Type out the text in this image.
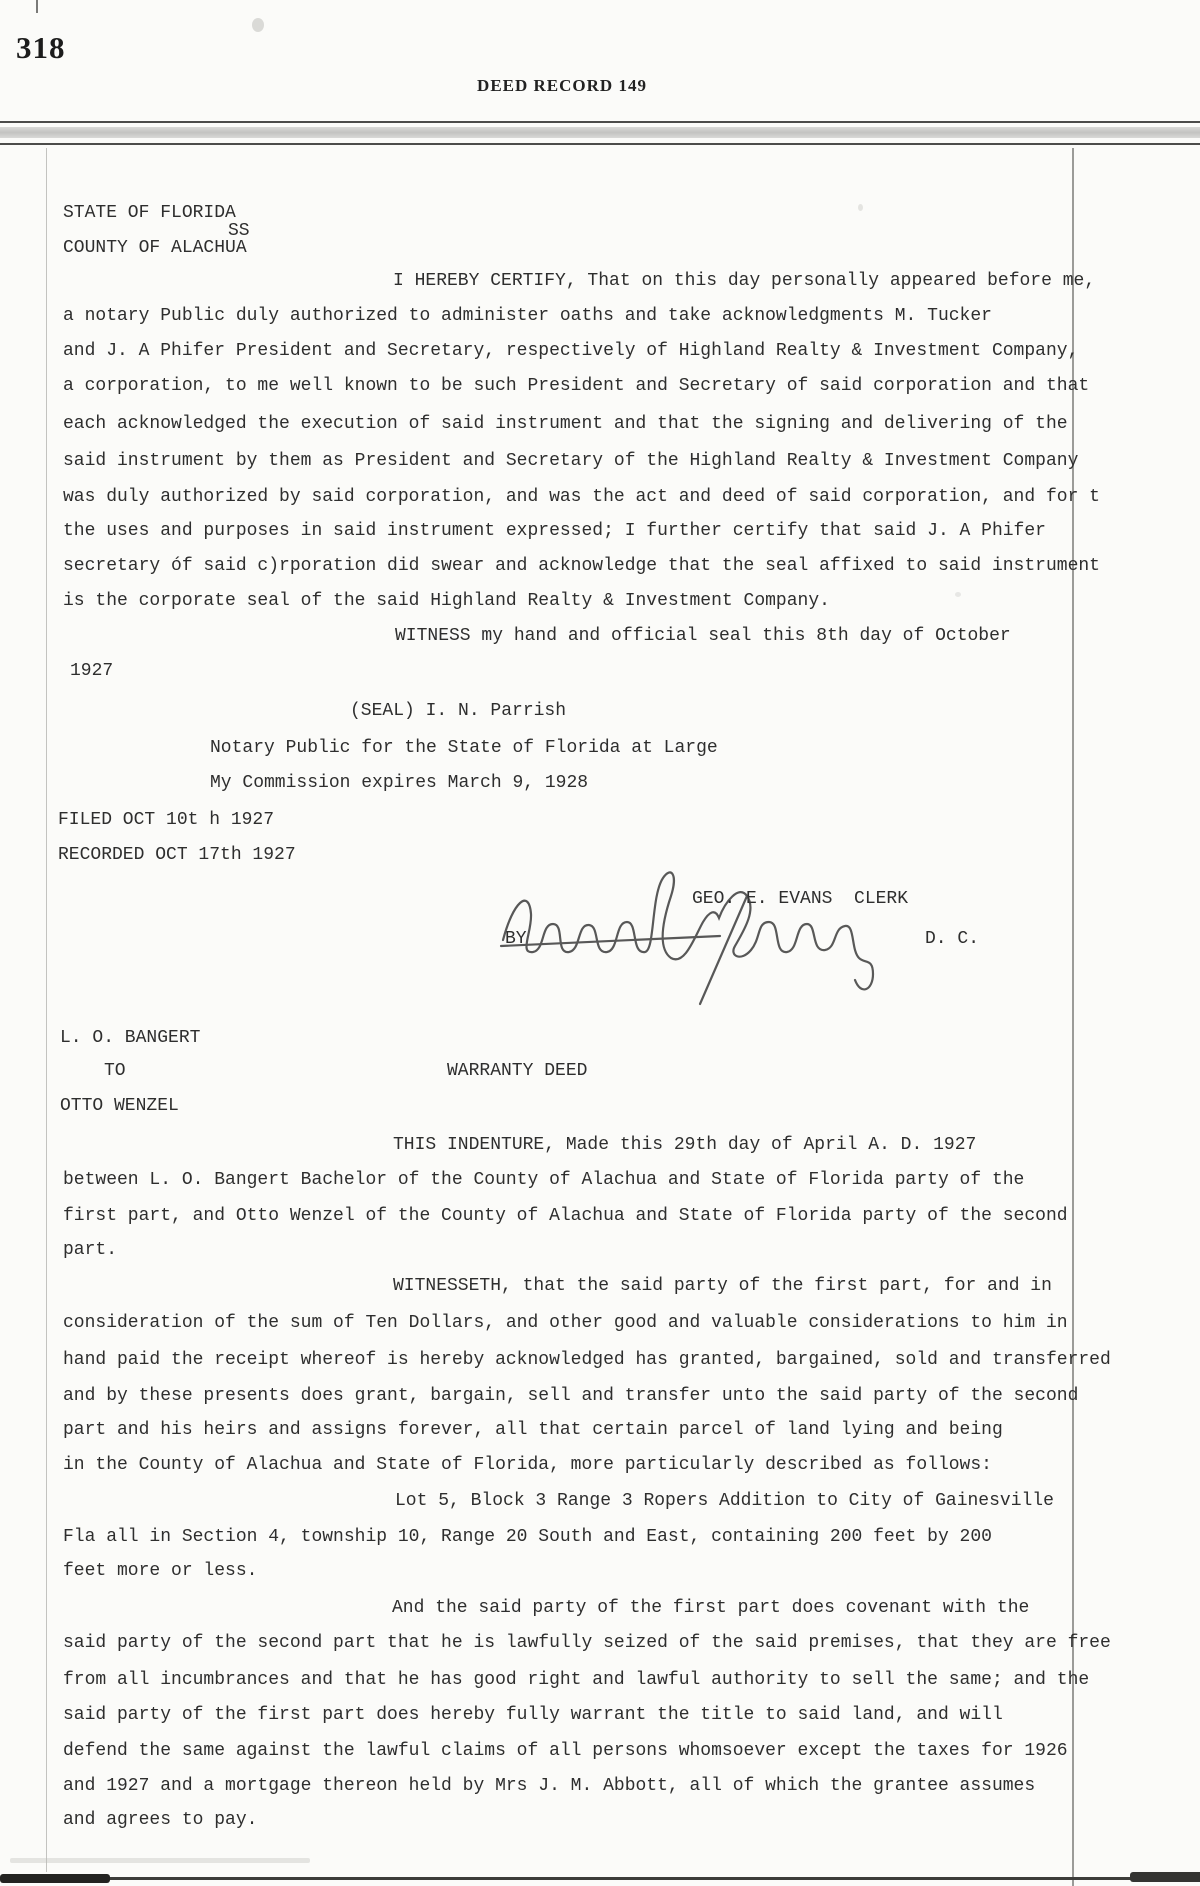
318
DEED RECORD 149
STATE OF FLORIDA
SS
COUNTY OF ALACHUA
I HEREBY CERTIFY, That on this day personally appeared before me,
a notary Public duly authorized to administer oaths and take acknowledgments M. Tucker
and J. A Phifer President and Secretary, respectively of Highland Realty & Investment Company,
a corporation, to me well known to be such President and Secretary of said corporation and that
each acknowledged the execution of said instrument and that the signing and delivering of the
said instrument by them as President and Secretary of the Highland Realty & Investment Company
was duly authorized by said corporation, and was the act and deed of said corporation, and for t
the uses and purposes in said instrument expressed; I further certify that said J. A Phifer
secretary óf said c)rporation did swear and acknowledge that the seal affixed to said instrument
is the corporate seal of the said Highland Realty & Investment Company.
WITNESS my hand and official seal this 8th day of October
1927
(SEAL) I. N. Parrish
Notary Public for the State of Florida at Large
My Commission expires March 9, 1928
FILED OCT 10t h 1927
RECORDED OCT 17th 1927
GEO. E. EVANS  CLERK
BY	D. C.
L. O. BANGERT
TO	WARRANTY DEED
OTTO WENZEL
THIS INDENTURE, Made this 29th day of April A. D. 1927
between L. O. Bangert Bachelor of the County of Alachua and State of Florida party of the
first part, and Otto Wenzel of the County of Alachua and State of Florida party of the second
part.
WITNESSETH, that the said party of the first part, for and in
consideration of the sum of Ten Dollars, and other good and valuable considerations to him in
hand paid the receipt whereof is hereby acknowledged has granted, bargained, sold and transferred
and by these presents does grant, bargain, sell and transfer unto the said party of the second
part and his heirs and assigns forever, all that certain parcel of land lying and being
in the County of Alachua and State of Florida, more particularly described as follows:
Lot 5, Block 3 Range 3 Ropers Addition to City of Gainesville
Fla all in Section 4, township 10, Range 20 South and East, containing 200 feet by 200
feet more or less.
And the said party of the first part does covenant with the
said party of the second part that he is lawfully seized of the said premises, that they are free
from all incumbrances and that he has good right and lawful authority to sell the same; and the
said party of the first part does hereby fully warrant the title to said land, and will
defend the same against the lawful claims of all persons whomsoever except the taxes for 1926
and 1927 and a mortgage thereon held by Mrs J. M. Abbott, all of which the grantee assumes
and agrees to pay.
